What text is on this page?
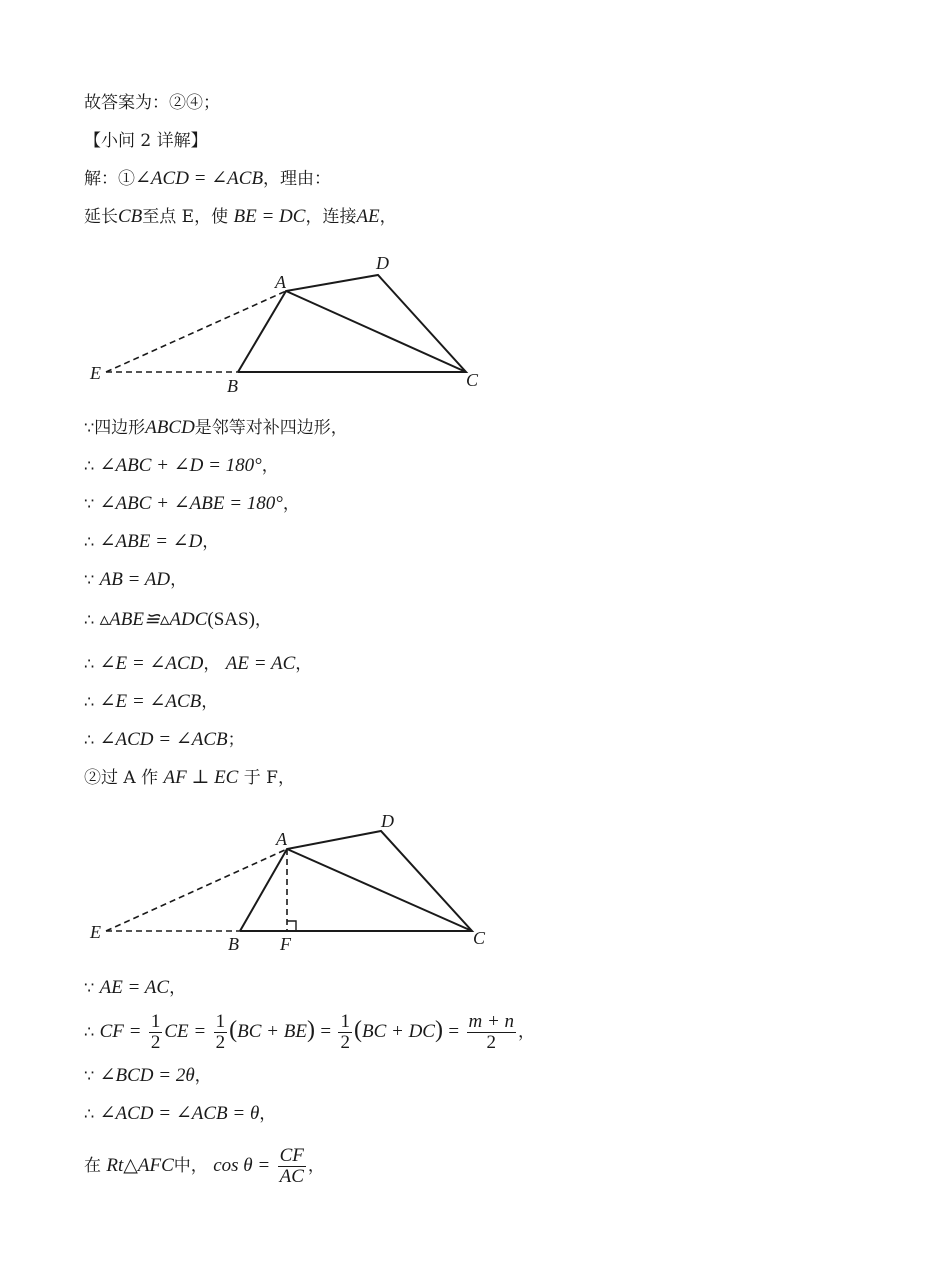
故答案为：②④；
【小问 2 详解】
解：①∠ACD = ∠ACB，理由：
延长CB至点 E，使 BE = DC，连接AE，
A
D
E
B	C
∵四边形ABCD是邻等对补四边形，
∴ ∠ABC + ∠D = 180°，
∵ ∠ABC + ∠ABE = 180°，
∴ ∠ABE = ∠D，
∵ AB = AD，
∴ ▵ABE≌▵ADC(SAS)，
∴ ∠E = ∠ACD， AE = AC，
∴ ∠E = ∠ACB，
∴ ∠ACD = ∠ACB；
②过 A 作 AF ⊥ EC 于 F，
A
D
E
B F	C
∵ AE = AC，
∴ CF = $\frac{1}{2}$ CE = $\frac{1}{2} (BC + BE) = \frac{1}{2} (BC + DC) = \frac{m + n}{2}$ ，
∵ ∠BCD = 2θ，
∴ ∠ACD = ∠ACB = θ，
在 Rt△AFC中， $\cos \theta = \frac{CF}{AC}$ ，
